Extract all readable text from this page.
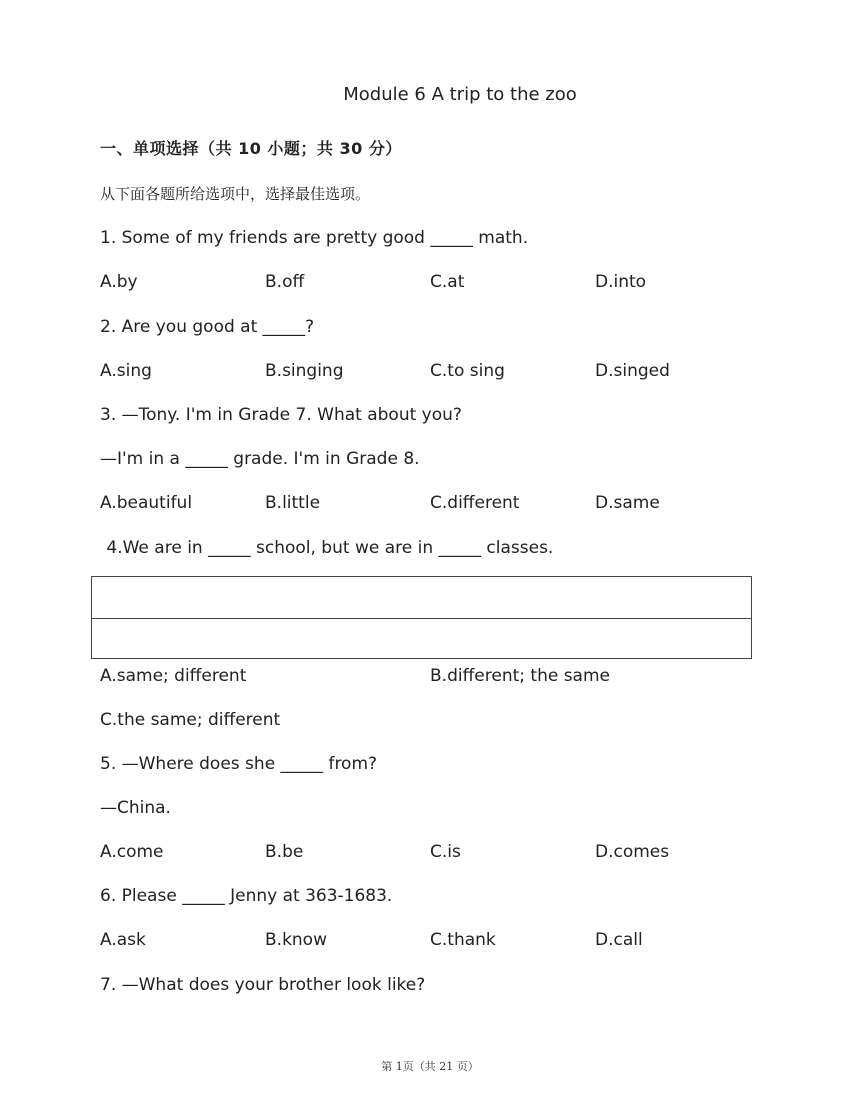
Module 6 A trip to the zoo
一、单项选择（共 10 小题；共 30 分）
从下面各题所给选项中，选择最佳选项。
1. Some of my friends are pretty good _____ math.
A.by	B.off	C.at	D.into
2. Are you good at _____?
A.sing	B.singing	C.to sing	D.singed
3. —Tony. I'm in Grade 7. What about you?
—I'm in a _____ grade. I'm in Grade 8.
A.beautiful	B.little	C.different	D.same
4.We are in _____ school, but we are in _____ classes.
A.same; different	B.different; the same
C.the same; different
5. —Where does she _____ from?
—China.
A.come	B.be	C.is	D.comes
6. Please _____ Jenny at 363-1683.
A.ask	B.know	C.thank	D.call
7. —What does your brother look like?
第 1页（共 21 页）
